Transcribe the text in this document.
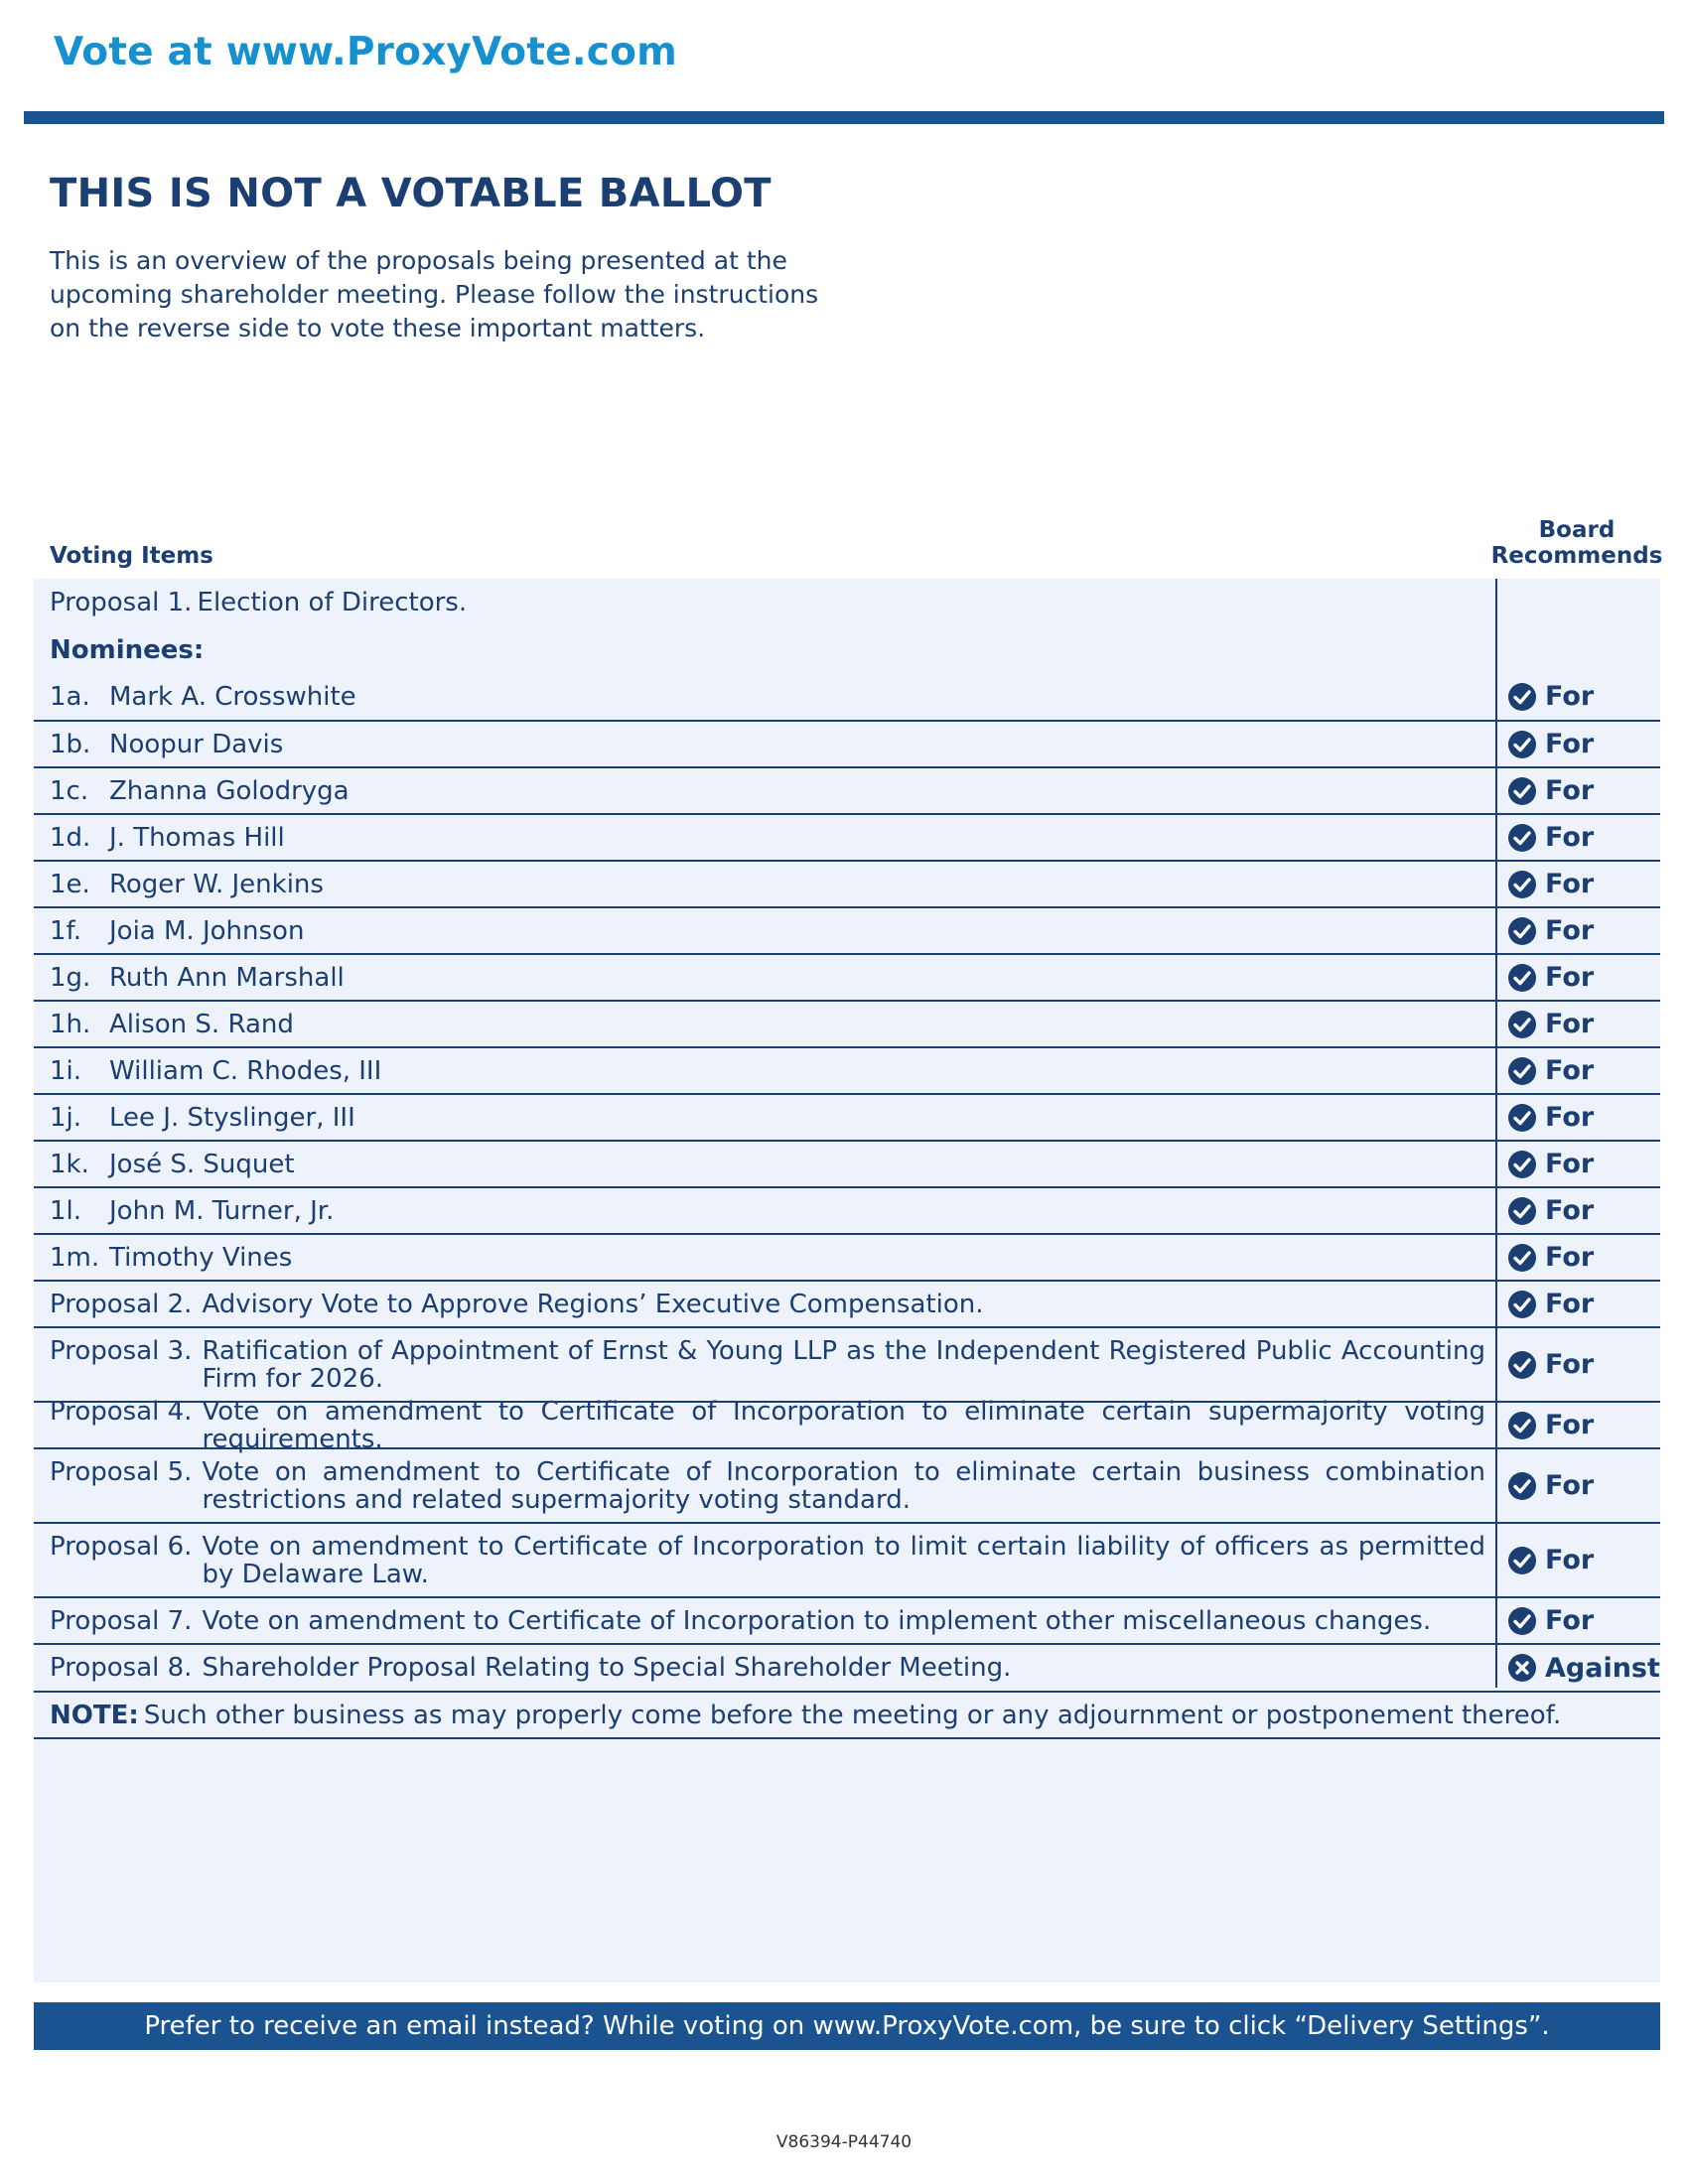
Vote at www.ProxyVote.com
THIS IS NOT A VOTABLE BALLOT
This is an overview of the proposals being presented at the upcoming shareholder meeting. Please follow the instructions on the reverse side to vote these important matters.
Voting Items
Board
Recommends
Proposal 1.
Election of Directors.
Nominees:
1a. Mark A. Crosswhite	For
1b. Noopur Davis	For
1c. Zhanna Golodryga	For
1d. J. Thomas Hill	For
1e. Roger W. Jenkins	For
1f.	Joia M. Johnson	For
1g. Ruth Ann Marshall	For
1h. Alison S. Rand	For
1i.	William C. Rhodes, III	For
1j.	Lee J. Styslinger, III	For
1k. José S. Suquet	For
1l.	John M. Turner, Jr.	For
1m. Timothy Vines	For
Proposal 2. Advisory Vote to Approve Regions’ Executive Compensation.	For
Proposal 3. Ratification of Appointment of Ernst & Young LLP as the Independent Registered Public Accounting Firm for 2026.	For
Proposal 4. Vote on amendment to Certificate of Incorporation to eliminate certain supermajority voting requirements.	For
Proposal 5. Vote on amendment to Certificate of Incorporation to eliminate certain business combination restrictions and related supermajority voting standard.	For
Proposal 6. Vote on amendment to Certificate of Incorporation to limit certain liability of officers as permitted by Delaware Law.	For
Proposal 7. Vote on amendment to Certificate of Incorporation to implement other miscellaneous changes.	For
Proposal 8. Shareholder Proposal Relating to Special Shareholder Meeting.	Against
NOTE:
Such other business as may properly come before the meeting or any adjournment or postponement thereof.
Prefer to receive an email instead? While voting on www.ProxyVote.com, be sure to click “Delivery Settings”.
V86394-P44740
